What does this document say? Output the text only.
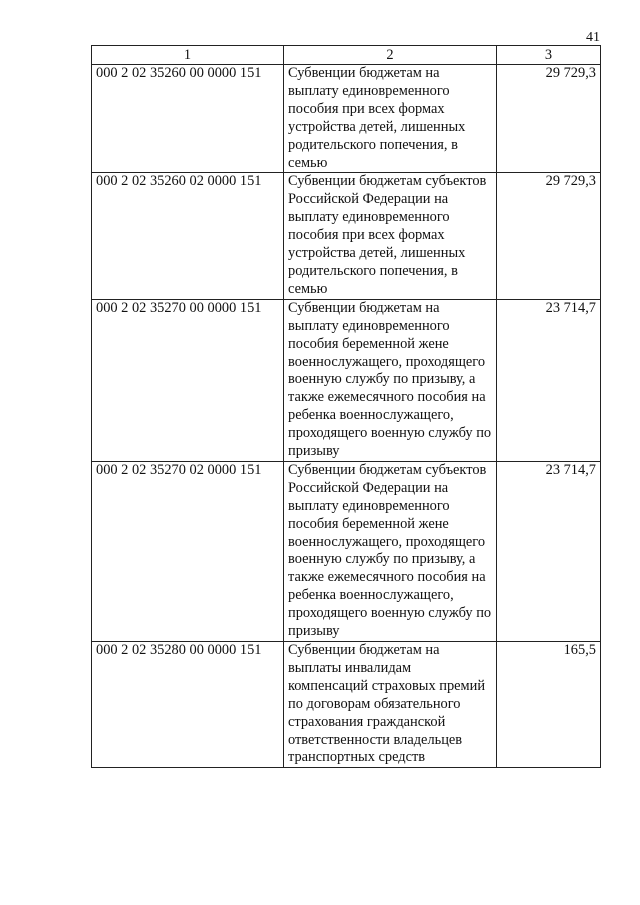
41
1	2	3
000 2 02 35260 00 0000 151	Субвенции бюджетам на выплату единовременного пособия при всех формах устройства детей, лишенных родительского попечения, в семью	29 729,3
000 2 02 35260 02 0000 151	Субвенции бюджетам субъектов Российской Федерации на выплату единовременного пособия при всех формах устройства детей, лишенных родительского попечения, в семью	29 729,3
000 2 02 35270 00 0000 151	Субвенции бюджетам на выплату единовременного пособия беременной жене военнослужащего, проходящего военную службу по призыву, а также ежемесячного пособия на ребенка военнослужащего, проходящего военную службу по призыву	23 714,7
000 2 02 35270 02 0000 151	Субвенции бюджетам субъектов Российской Федерации на выплату единовременного пособия беременной жене военнослужащего, проходящего военную службу по призыву, а также ежемесячного пособия на ребенка военнослужащего, проходящего военную службу по призыву	23 714,7
000 2 02 35280 00 0000 151	Субвенции бюджетам на выплаты инвалидам компенсаций страховых премий по договорам обязательного страхования гражданской ответственности владельцев транспортных средств	165,5
